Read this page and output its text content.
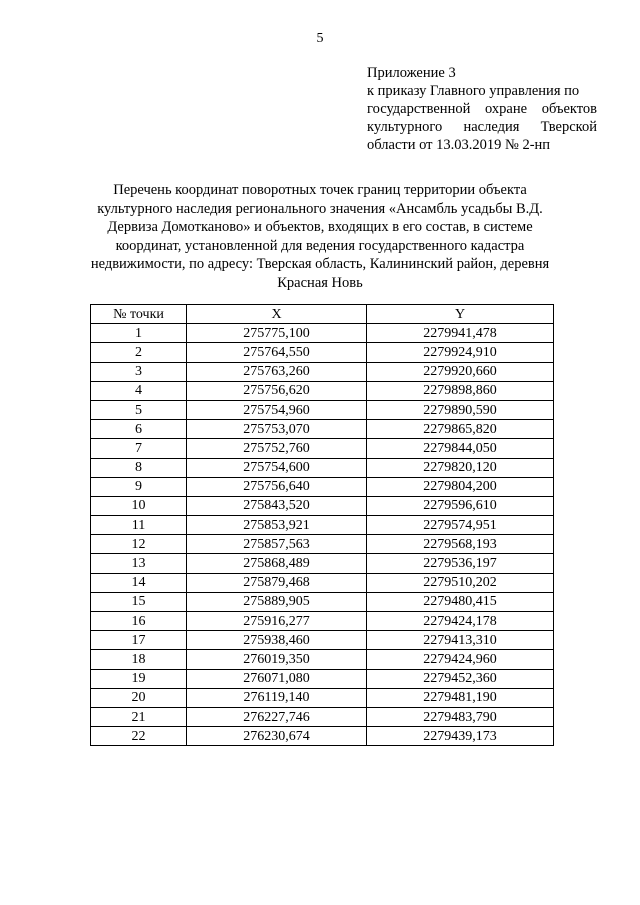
5
Приложение 3
к приказу Главного управления по
государственной охране объектов
культурного наследия Тверской
области от 13.03.2019 № 2-нп
Перечень координат поворотных точек границ территории объекта
культурного наследия регионального значения «Ансамбль усадьбы В.Д.
Дервиза Домотканово» и объектов, входящих в его состав, в системе
координат, установленной для ведения государственного кадастра
недвижимости, по адресу: Тверская область, Калининский район, деревня
Красная Новь
№ точки	X	Y
1	275775,100	2279941,478
2	275764,550	2279924,910
3	275763,260	2279920,660
4	275756,620	2279898,860
5	275754,960	2279890,590
6	275753,070	2279865,820
7	275752,760	2279844,050
8	275754,600	2279820,120
9	275756,640	2279804,200
10	275843,520	2279596,610
11	275853,921	2279574,951
12	275857,563	2279568,193
13	275868,489	2279536,197
14	275879,468	2279510,202
15	275889,905	2279480,415
16	275916,277	2279424,178
17	275938,460	2279413,310
18	276019,350	2279424,960
19	276071,080	2279452,360
20	276119,140	2279481,190
21	276227,746	2279483,790
22	276230,674	2279439,173
